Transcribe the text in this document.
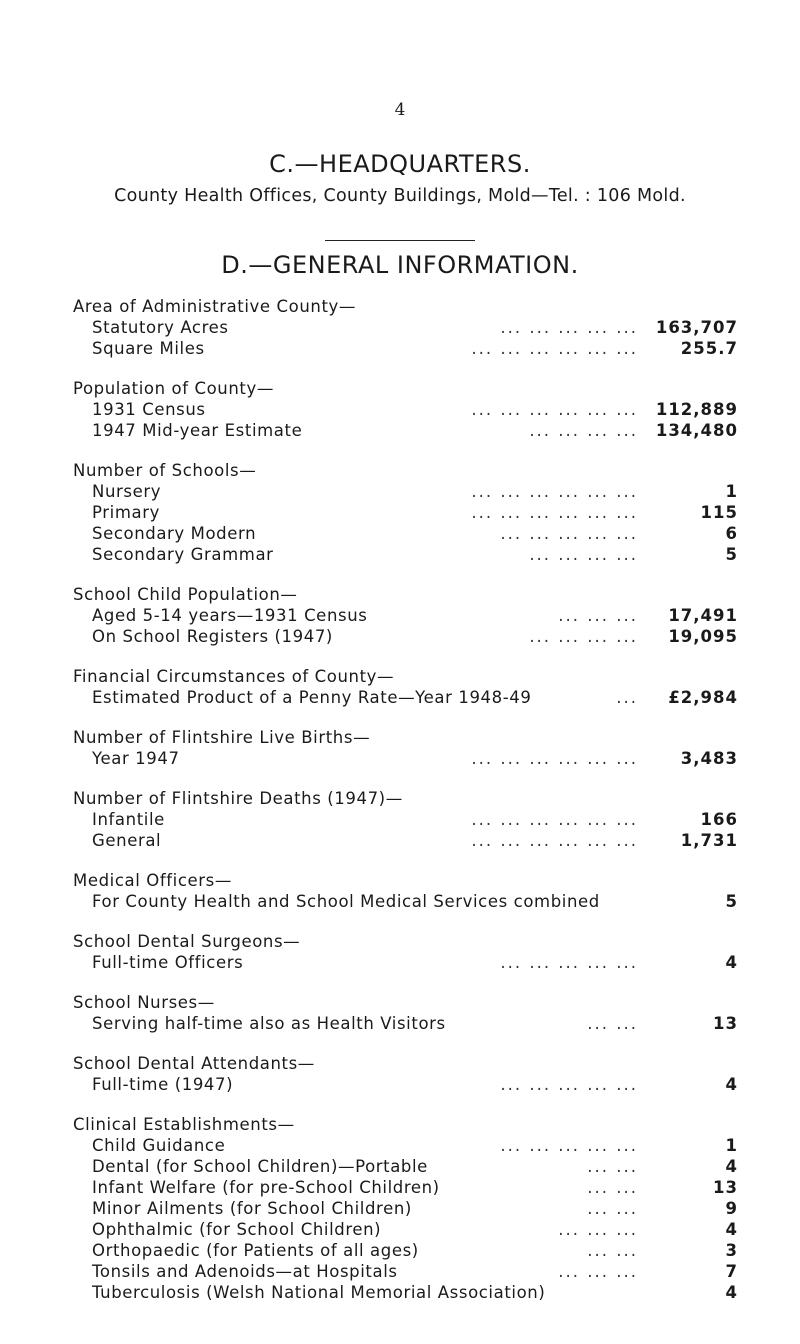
4
C.—HEADQUARTERS.
County Health Offices, County Buildings, Mold—Tel. : 106 Mold.
D.—GENERAL INFORMATION.
Area of Administrative County—
Statutory Acres	... ... ... ... ... 163,707
Square Miles	... ... ... ... ... ...	255.7
Population of County—
1931 Census	... ... ... ... ... ... 112,889
1947 Mid-year Estimate	... ... ... ... 134,480
Number of Schools—
Nursery	... ... ... ... ... ...	1
Primary	... ... ... ... ... ...	115
Secondary Modern	... ... ... ... ...	6
Secondary Grammar	... ... ... ...	5
School Child Population—
Aged 5-14 years—1931 Census	... ... ... 17,491
On School Registers (1947)	... ... ... ... 19,095
Financial Circumstances of County—
Estimated Product of a Penny Rate—Year 1948-49	... £2,984
Number of Flintshire Live Births—
Year 1947	... ... ... ... ... ...	3,483
Number of Flintshire Deaths (1947)—
Infantile	... ... ... ... ... ...	166
General	... ... ... ... ... ...	1,731
Medical Officers—
For County Health and School Medical Services combined	5
School Dental Surgeons—
Full-time Officers	... ... ... ... ...	4
School Nurses—
Serving half-time also as Health Visitors	... ...	13
School Dental Attendants—
Full-time (1947)	... ... ... ... ...	4
Clinical Establishments—
Child Guidance	... ... ... ... ...	1
Dental (for School Children)—Portable	... ...	4
Infant Welfare (for pre-School Children)	... ...	13
Minor Ailments (for School Children)	... ...	9
Ophthalmic (for School Children)	... ... ...	4
Orthopaedic (for Patients of all ages)	... ...	3
Tonsils and Adenoids—at Hospitals	... ... ...	7
Tuberculosis (Welsh National Memorial Association)	4
